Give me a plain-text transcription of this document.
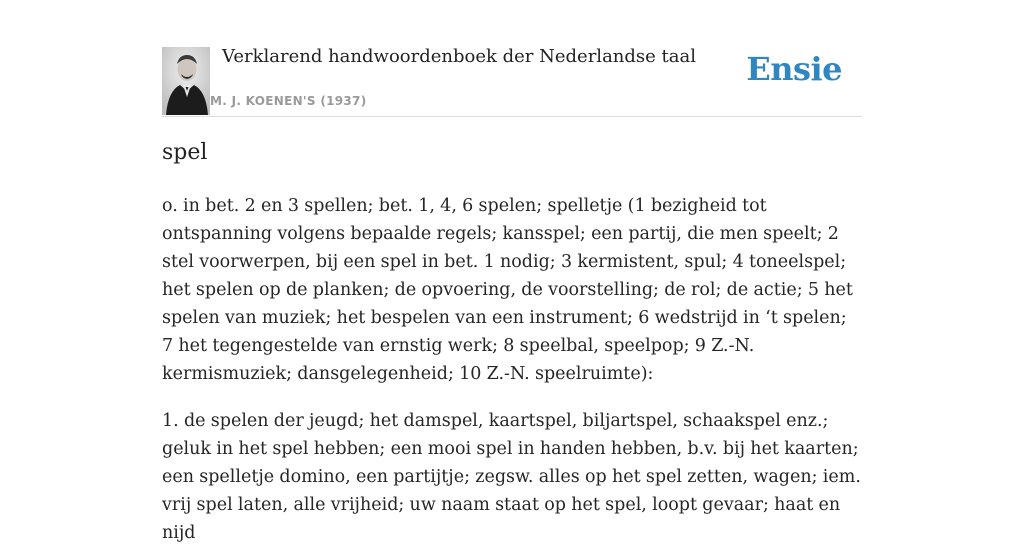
Verklarend handwoordenboek der Nederlandse taal
M. J. KOENEN'S (1937)
Ensie
spel

o. in bet. 2 en 3 spellen; bet. 1, 4, 6 spelen; spelletje (1 bezigheid tot ontspanning volgens bepaalde regels; kansspel; een partij, die men speelt; 2 stel voorwerpen, bij een spel in bet. 1 nodig; 3 kermistent, spul; 4 toneelspel; het spelen op de planken; de opvoering, de voorstelling; de rol; de actie; 5 het spelen van muziek; het bespelen van een instrument; 6 wedstrijd in ‘t spelen; 7 het tegengestelde van ernstig werk; 8 speelbal, speelpop; 9 Z.-N. kermismuziek; dansgelegenheid; 10 Z.-N. speelruimte):

1. de spelen der jeugd; het damspel, kaartspel, biljartspel, schaakspel enz.; geluk in het spel hebben; een mooi spel in handen hebben, b.v. bij het kaarten; een spelletje domino, een partijtje; zegsw. alles op het spel zetten, wagen; iem. vrij spel laten, alle vrijheid; uw naam staat op het spel, loopt gevaar; haat en nijd
